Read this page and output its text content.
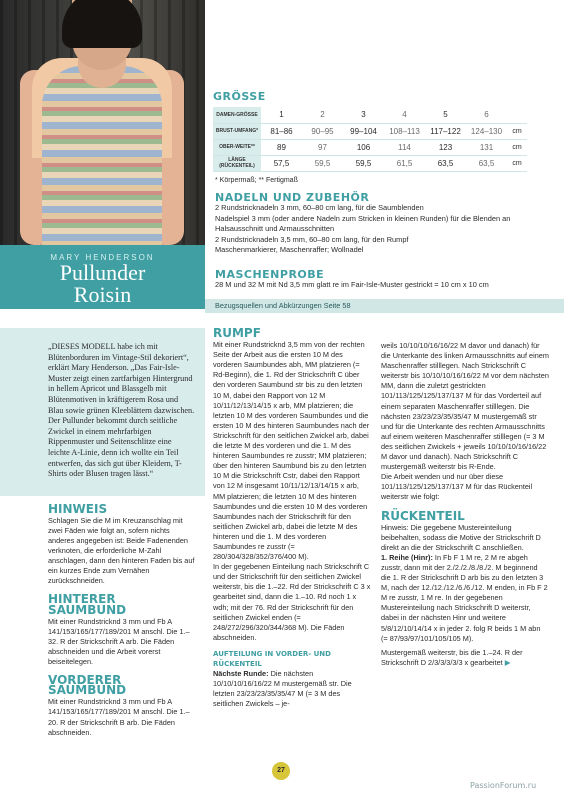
MARY HENDERSON
Pullunder
Roisin
GRÖSSE
DAMEN-GRÖSSE	1	2	3	4	5	6	
BRUST-UMFANG*	81–86	90–95	99–104	108–113	117–122	124–130	cm
OBER-WEITE**	89	97	106	114	123	131	cm
LÄNGE (RÜCKENTEIL)	57,5	59,5	59,5	61,5	63,5	63,5	cm
* Körpermaß; ** Fertigmaß
NADELN UND ZUBEHÖR
2 Rundstricknadeln 3 mm, 60–80 cm lang, für die Saumblenden
Nadelspiel 3 mm (oder andere Nadeln zum Stricken in kleinen Runden) für die Blenden an
Halsausschnitt und Armausschnitten
2 Rundstricknadeln 3,5 mm, 60–80 cm lang, für den Rumpf
Maschenmarkierer, Maschenraffer; Wollnadel
MASCHENPROBE
28 M und 32 M mit Nd 3,5 mm glatt re im Fair-Isle-Muster gestrickt = 10 cm x 10 cm
Bezugsquellen und Abkürzungen Seite 58
„DIESES MODELL habe ich mit Blütenborduren im Vintage-Stil dekoriert“, erklärt Mary Henderson. „Das Fair-Isle-Muster zeigt einen zartfarbigen Hintergrund in hellem Apricot und Blassgelb mit Blütenmotiven in kräftigerem Rosa und Blau sowie grünen Kleeblättern dazwischen. Der Pullunder bekommt durch seitliche Zwickel in einem mehrfarbigen Rippenmuster und Seitenschlitze eine leichte A-Linie, denn ich wollte ein Teil entwerfen, das sich gut über Kleidern, T-Shirts oder Blusen tragen lässt.“
HINWEIS
Schlagen Sie die M im Kreuzanschlag mit zwei Fäden wie folgt an, sofern nichts anderes angegeben ist: Beide Fadenenden verknoten, die erforderliche M-Zahl anschlagen, dann den hinteren Faden bis auf ein kurzes Ende zum Vernähen zurückschneiden.
HINTERER SAUMBUND
Mit einer Rundstricknd 3 mm und Fb A 141/153/165/177/189/201 M anschl. Die 1.–32. R der Strickschrift A arb. Die Fäden abschneiden und die Arbeit vorerst beiseitelegen.
VORDERER SAUMBUND
Mit einer Rundstricknd 3 mm und Fb A 141/153/165/177/189/201 M anschl. Die 1.–20. R der Strickschrift B arb. Die Fäden abschneiden.
RUMPF
Mit einer Rundstricknd 3,5 mm von der rechten Seite der Arbeit aus die ersten 10 M des vorderen Saumbundes abh, MM platzieren (= Rd-Beginn), die 1. Rd der Strickschrift C über den vorderen Saumbund str bis zu den letzten 10 M, dabei den Rapport von 12 M 10/11/12/13/14/15 x arb, MM platzieren; die letzten 10 M des vorderen Saumbundes und die ersten 10 M des hinteren Saumbundes nach der Strickschrift für den seitlichen Zwickel arb, dabei die letzte M des vorderen und die 1. M des hinteren Saumbundes re zusstr; MM platzieren; über den hinteren Saumbund bis zu den letzten 10 M die Strickschrift Cstr, dabei den Rapport von 12 M insgesamt 10/11/12/13/14/15 x arb, MM platzieren; die letzten 10 M des hinteren Saumbundes und die ersten 10 M des vorderen Saumbundes nach der Strickschrift für den seitlichen Zwickel arb, dabei die letzte M des hinteren und die 1. M des vorderen Saumbundes re zusstr (= 280/304/328/352/376/400 M).
In der gegebenen Einteilung nach Strickschrift C und der Strickschrift für den seitlichen Zwickel weiterstr, bis die 1.–22. Rd der Strickschrift C 3 x gearbeitet sind, dann die 1.–10. Rd noch 1 x wdh; mit der 76. Rd der Strickschrift für den seitlichen Zwickel enden (= 248/272/296/320/344/368 M). Die Fäden abschneiden.
AUFTEILUNG IN VORDER- UND RÜCKENTEIL
Nächste Runde: Die nächsten 10/10/10/16/16/22 M mustergemäß str. Die letzten 23/23/23/35/35/47 M (= 3 M des seitlichen Zwickels – je-
weils 10/10/10/16/16/22 M davor und danach) für die Unterkante des linken Armausschnitts auf einem Maschenraffer stilllegen. Nach Strickschrift C weiterstr bis 10/10/10/16/16/22 M vor dem nächsten MM, dann die zuletzt gestrickten 101/113/125/125/137/137 M für das Vorderteil auf einem separaten Maschenraffer stilllegen. Die nächsten 23/23/23/35/35/47 M mustergemäß str und für die Unterkante des rechten Armausschnitts auf einem weiteren Maschenraffer stilllegen (= 3 M des seitlichen Zwickels + jeweils 10/10/10/16/16/22 M davor und danach). Nach Strickschrift C mustergemäß weiterstr bis R-Ende.
Die Arbeit wenden und nur über diese 101/113/125/125/137/137 M für das Rückenteil weiterstr wie folgt:
RÜCKENTEIL
Hinweis: Die gegebene Mustereinteilung beibehalten, sodass die Motive der Strickschrift D direkt an die der Strickschrift C anschließen.
1. Reihe (Hinr): In Fb F 1 M re, 2 M re abgeh zusstr, dann mit der 2./2./2./8./8./2. M beginnend die 1. R der Strickschrift D arb bis zu den letzten 3 M, nach der 12./12./12./6./6./12. M enden, in Fb F 2 M re zusstr, 1 M re. In der gegebenen Mustereinteilung nach Strickschrift D weiterstr, dabei in der nächsten Hinr und weitere 5/8/12/10/14/14 x in jeder 2. folg R beids 1 M abn (= 87/93/97/101/105/105 M).
Mustergemäß weiterstr, bis die 1.–24. R der Strickschrift D 2/3/3/3/3/3 x gearbeitet ▶
27
PassionForum.ru
